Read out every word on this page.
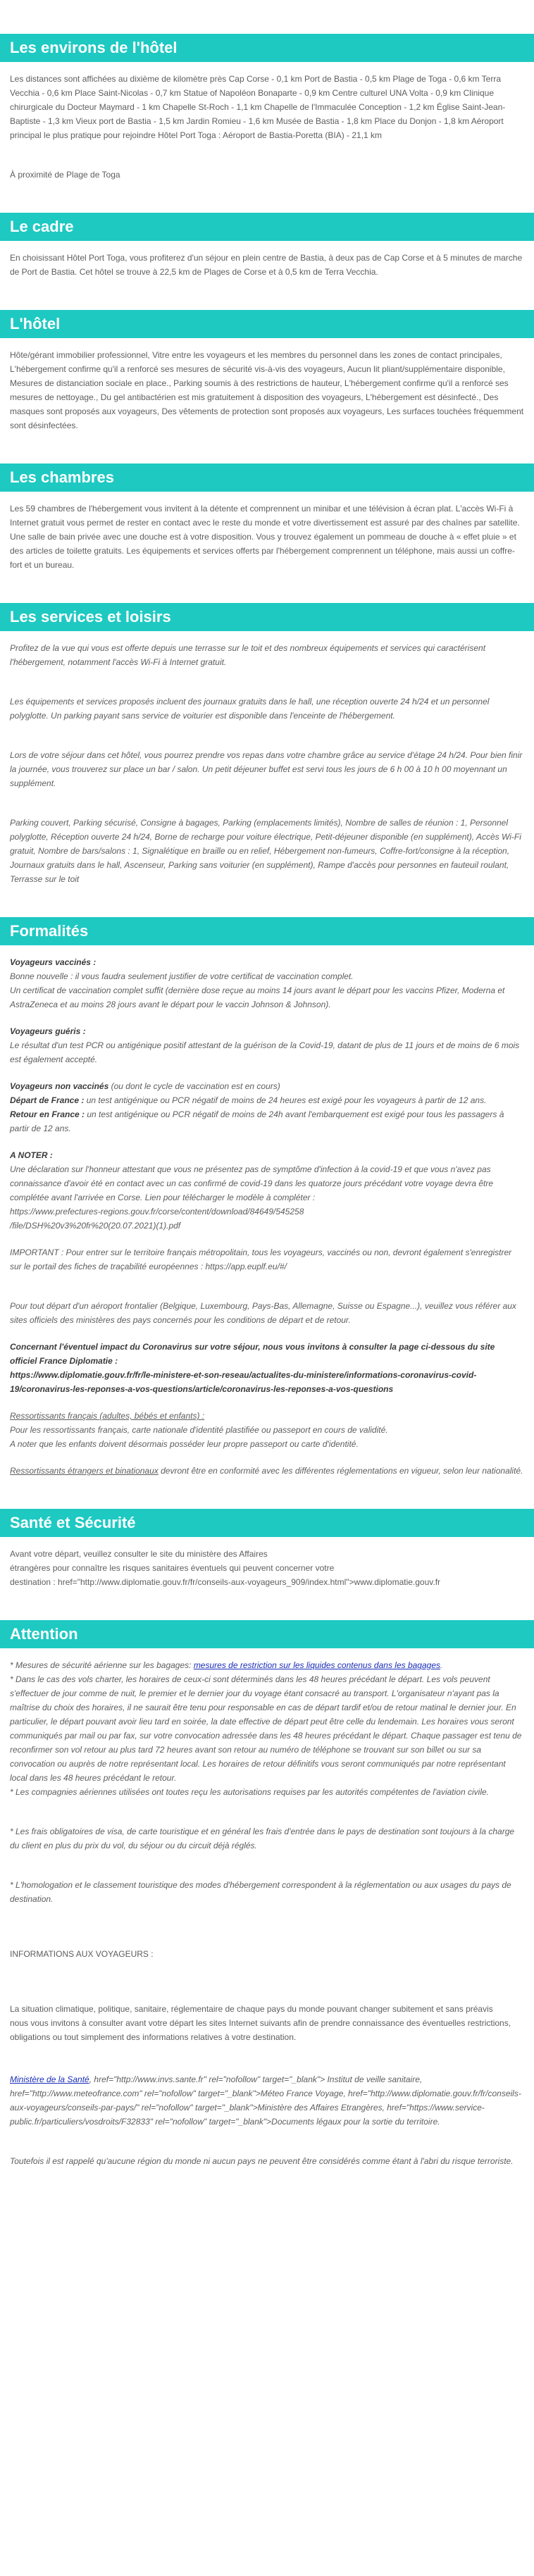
Les environs de l'hôtel

Les distances sont affichées au dixième de kilomètre près Cap Corse - 0,1 km Port de Bastia - 0,5 km Plage de Toga - 0,6 km Terra Vecchia - 0,6 km Place Saint-Nicolas - 0,7 km Statue of Napoléon Bonaparte - 0,9 km Centre culturel UNA Volta - 0,9 km Clinique chirurgicale du Docteur Maymard - 1 km Chapelle St-Roch - 1,1 km Chapelle de l'Immaculée Conception - 1,2 km Église Saint-Jean-Baptiste - 1,3 km Vieux port de Bastia - 1,5 km Jardin Romieu - 1,6 km Musée de Bastia - 1,8 km Place du Donjon - 1,8 km Aéroport principal le plus pratique pour rejoindre Hôtel Port Toga : Aéroport de Bastia-Poretta (BIA) - 21,1 km

À proximité de Plage de Toga

Le cadre

En choisissant Hôtel Port Toga, vous profiterez d'un séjour en plein centre de Bastia, à deux pas de Cap Corse et à 5 minutes de marche de Port de Bastia. Cet hôtel se trouve à 22,5 km de Plages de Corse et à 0,5 km de Terra Vecchia.

L'hôtel

Hôte/gérant immobilier professionnel, Vitre entre les voyageurs et les membres du personnel dans les zones de contact principales, L'hébergement confirme qu'il a renforcé ses mesures de sécurité vis-à-vis des voyageurs, Aucun lit pliant/supplémentaire disponible, Mesures de distanciation sociale en place., Parking soumis à des restrictions de hauteur, L'hébergement confirme qu'il a renforcé ses mesures de nettoyage., Du gel antibactérien est mis gratuitement à disposition des voyageurs, L'hébergement est désinfecté., Des masques sont proposés aux voyageurs, Des vêtements de protection sont proposés aux voyageurs, Les surfaces touchées fréquemment sont désinfectées.

Les chambres

Les 59 chambres de l'hébergement vous invitent à la détente et comprennent un minibar et une télévision à écran plat. L'accès Wi-Fi à Internet gratuit vous permet de rester en contact avec le reste du monde et votre divertissement est assuré par des chaînes par satellite. Une salle de bain privée avec une douche est à votre disposition. Vous y trouvez également un pommeau de douche à « effet pluie » et des articles de toilette gratuits. Les équipements et services offerts par l'hébergement comprennent un téléphone, mais aussi un coffre-fort et un bureau.

Les services et loisirs

Profitez de la vue qui vous est offerte depuis une terrasse sur le toit et des nombreux équipements et services qui caractérisent l'hébergement, notamment l'accès Wi-Fi à Internet gratuit.

Les équipements et services proposés incluent des journaux gratuits dans le hall, une réception ouverte 24 h/24 et un personnel polyglotte. Un parking payant sans service de voiturier est disponible dans l'enceinte de l'hébergement.

Lors de votre séjour dans cet hôtel, vous pourrez prendre vos repas dans votre chambre grâce au service d'étage 24 h/24. Pour bien finir la journée, vous trouverez sur place un bar / salon. Un petit déjeuner buffet est servi tous les jours de 6 h 00 à 10 h 00 moyennant un supplément.

Parking couvert, Parking sécurisé, Consigne à bagages, Parking (emplacements limités), Nombre de salles de réunion : 1, Personnel polyglotte, Réception ouverte 24 h/24, Borne de recharge pour voiture électrique, Petit-déjeuner disponible (en supplément), Accès Wi-Fi gratuit, Nombre de bars/salons : 1, Signalétique en braille ou en relief, Hébergement non-fumeurs, Coffre-fort/consigne à la réception, Journaux gratuits dans le hall, Ascenseur, Parking sans voiturier (en supplément), Rampe d'accès pour personnes en fauteuil roulant, Terrasse sur le toit

Formalités

Voyageurs vaccinés :
Bonne nouvelle : il vous faudra seulement justifier de votre certificat de vaccination complet.
Un certificat de vaccination complet suffit (dernière dose reçue au moins 14 jours avant le départ pour les vaccins Pfizer, Moderna et AstraZeneca et au moins 28 jours avant le départ pour le vaccin Johnson & Johnson).

Voyageurs guéris :
Le résultat d'un test PCR ou antigénique positif attestant de la guérison de la Covid-19, datant de plus de 11 jours et de moins de 6 mois est également accepté.

Voyageurs non vaccinés (ou dont le cycle de vaccination est en cours)
Départ de France : un test antigénique ou PCR négatif de moins de 24 heures est exigé pour les voyageurs à partir de 12 ans.
Retour en France : un test antigénique ou PCR négatif de moins de 24h avant l'embarquement est exigé pour tous les passagers à partir de 12 ans.

A NOTER :
Une déclaration sur l'honneur attestant que vous ne présentez pas de symptôme d'infection à la covid-19 et que vous n'avez pas connaissance d'avoir été en contact avec un cas confirmé de covid-19 dans les quatorze jours précédant votre voyage devra être complétée avant l'arrivée en Corse. Lien pour télécharger le modèle à compléter :
https://www.prefectures-regions.gouv.fr/corse/content/download/84649/545258
/file/DSH%20v3%20fr%20(20.07.2021)(1).pdf

IMPORTANT : Pour entrer sur le territoire français métropolitain, tous les voyageurs, vaccinés ou non, devront également s'enregistrer sur le portail des fiches de traçabilité européennes : https://app.euplf.eu/#/

Pour tout départ d'un aéroport frontalier (Belgique, Luxembourg, Pays-Bas, Allemagne, Suisse ou Espagne...), veuillez vous référer aux sites officiels des ministères des pays concernés pour les conditions de départ et de retour.

Concernant l'éventuel impact du Coronavirus sur votre séjour, nous vous invitons à consulter la page ci-dessous du site officiel France Diplomatie :
https://www.diplomatie.gouv.fr/fr/le-ministere-et-son-reseau/actualites-du-ministere/informations-coronavirus-covid-19/coronavirus-les-reponses-a-vos-questions/article/coronavirus-les-reponses-a-vos-questions

Ressortissants français (adultes, bébés et enfants) :
Pour les ressortissants français, carte nationale d'identité plastifiée ou passeport en cours de validité.
A noter que les enfants doivent désormais posséder leur propre passeport ou carte d'identité.

Ressortissants étrangers et binationaux devront être en conformité avec les différentes réglementations en vigueur, selon leur nationalité.

Santé et Sécurité

Avant votre départ, veuillez consulter le site du ministère des Affaires
étrangères pour connaître les risques sanitaires éventuels qui peuvent concerner votre
destination : href="http://www.diplomatie.gouv.fr/fr/conseils-aux-voyageurs_909/index.html">www.diplomatie.gouv.fr

Attention

* Mesures de sécurité aérienne sur les bagages: mesures de restriction sur les liquides contenus dans les bagages.
* Dans le cas des vols charter, les horaires de ceux-ci sont déterminés dans les 48 heures précédant le départ. Les vols peuvent s'effectuer de jour comme de nuit, le premier et le dernier jour du voyage étant consacré au transport. L'organisateur n'ayant pas la maîtrise du choix des horaires, il ne saurait être tenu pour responsable en cas de départ tardif et/ou de retour matinal le dernier jour. En particulier, le départ pouvant avoir lieu tard en soirée, la date effective de départ peut être celle du lendemain. Les horaires vous seront communiqués par mail ou par fax, sur votre convocation adressée dans les 48 heures précédant le départ. Chaque passager est tenu de reconfirmer son vol retour au plus tard 72 heures avant son retour au numéro de téléphone se trouvant sur son billet ou sur sa convocation ou auprès de notre représentant local. Les horaires de retour définitifs vous seront communiqués par notre représentant local dans les 48 heures précédant le retour.
* Les compagnies aériennes utilisées ont toutes reçu les autorisations requises par les autorités compétentes de l'aviation civile.

* Les frais obligatoires de visa, de carte touristique et en général les frais d'entrée dans le pays de destination sont toujours à la charge du client en plus du prix du vol, du séjour ou du circuit déjà réglés.

* L'homologation et le classement touristique des modes d'hébergement correspondent à la réglementation ou aux usages du pays de destination.

INFORMATIONS AUX VOYAGEURS :

La situation climatique, politique, sanitaire, réglementaire de chaque pays du monde pouvant changer subitement et sans préavis
nous vous invitons à consulter avant votre départ les sites Internet suivants afin de prendre connaissance des éventuelles restrictions, obligations ou tout simplement des informations relatives à votre destination.

Ministère de la Santé, href="http://www.invs.sante.fr" rel="nofollow" target="_blank"> Institut de veille sanitaire, href="http://www.meteofrance.com" rel="nofollow" target="_blank">Méteo France Voyage, href="http://www.diplomatie.gouv.fr/fr/conseils-aux-voyageurs/conseils-par-pays/" rel="nofollow" target="_blank">Ministère des Affaires Etrangères, href="https://www.service-public.fr/particuliers/vosdroits/F32833" rel="nofollow" target="_blank">Documents légaux pour la sortie du territoire.

Toutefois il est rappelé qu'aucune région du monde ni aucun pays ne peuvent être considérés comme étant à l'abri du risque terroriste.
